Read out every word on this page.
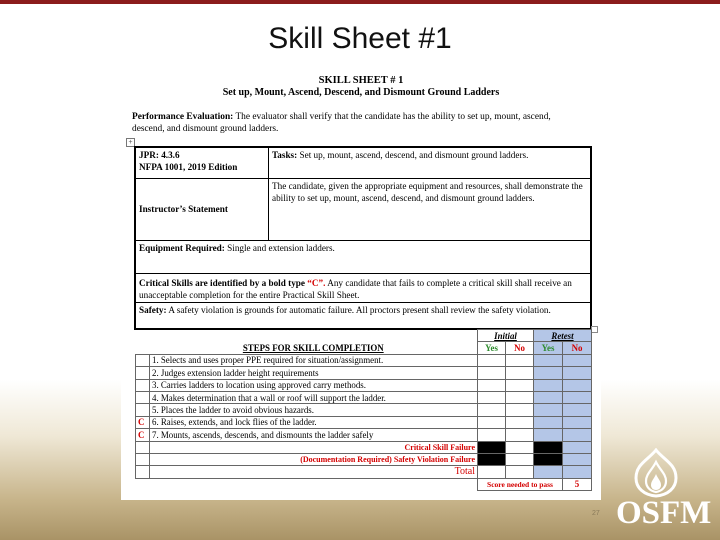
Skill Sheet #1
SKILL SHEET # 1
Set up, Mount, Ascend, Descend, and Dismount Ground Ladders
Performance Evaluation: The evaluator shall verify that the candidate has the ability to set up, mount, ascend, descend, and dismount ground ladders.
+
JPR: 4.3.6
NFPA 1001, 2019 Edition
Tasks: Set up, mount, ascend, descend, and dismount ground ladders.
Instructor’s Statement
The candidate, given the appropriate equipment and resources, shall demonstrate the ability to set up, mount, ascend, descend, and dismount ground ladders.
Equipment Required: Single and extension ladders.
Critical Skills are identified by a bold type “C”. Any candidate that fails to complete a critical skill shall receive an unacceptable completion for the entire Practical Skill Sheet.
Safety: A safety violation is grounds for automatic failure. All proctors present shall review the safety violation.
		Initial		Retest	
	STEPS FOR SKILL COMPLETION	Yes	No	Yes	No
	1. Selects and uses proper PPE required for situation/assignment.				
	2. Judges extension ladder height requirements				
	3. Carries ladders to location using approved carry methods.				
	4. Makes determination that a wall or roof will support the ladder.				
	5. Places the ladder to avoid obvious hazards.				
C	6. Raises, extends, and lock flies of the ladder.				
C	7. Mounts, ascends, descends, and dismounts the ladder safely				
	Critical Skill Failure				
	(Documentation Required) Safety Violation Failure				
	Total				
		Score needed to pass			5
27 OSFM
